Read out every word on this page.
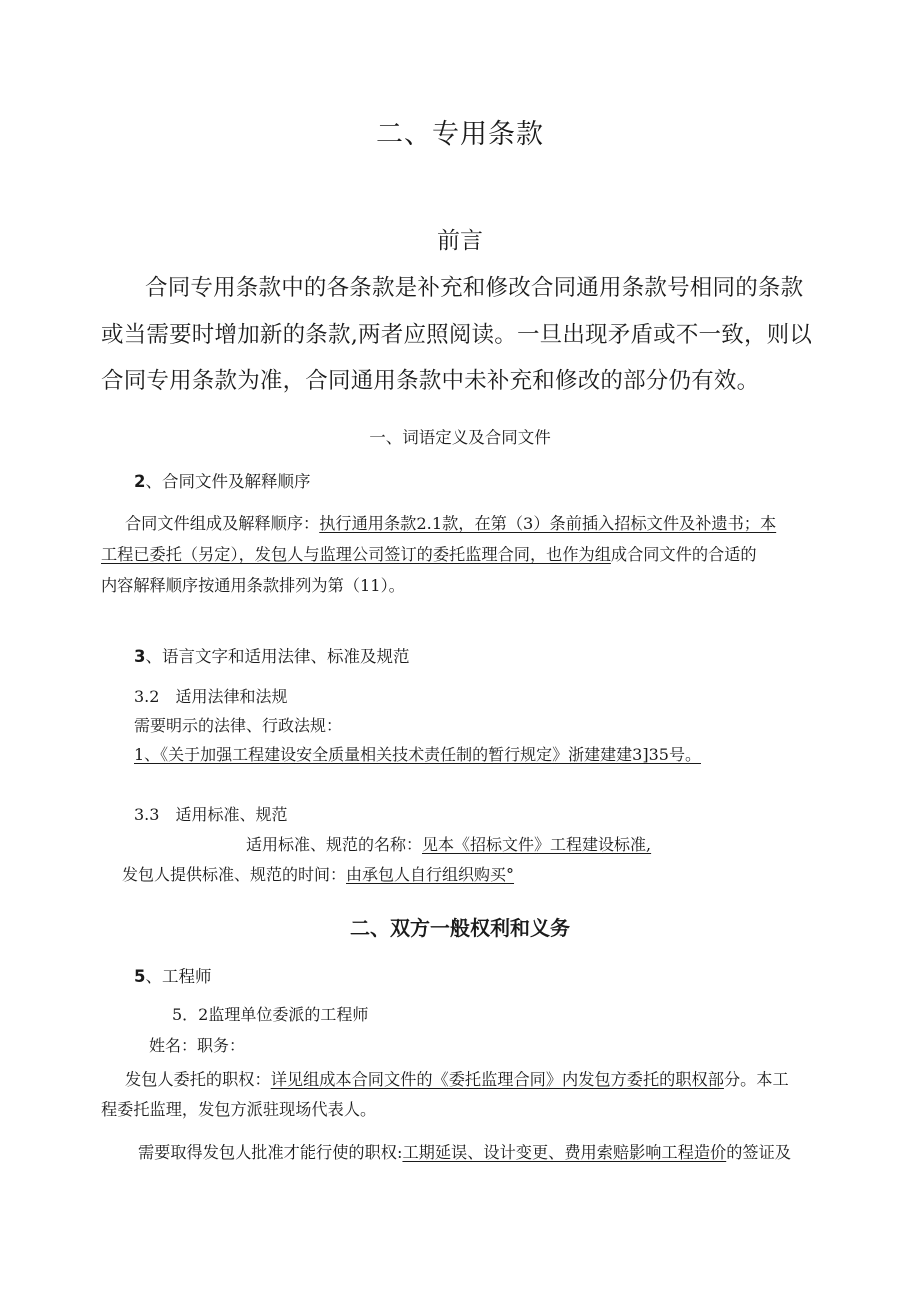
二、专用条款
前言
合同专用条款中的各条款是补充和修改合同通用条款号相同的条款
或当需要时增加新的条款,两者应照阅读。一旦出现矛盾或不一致，则以
合同专用条款为准，合同通用条款中未补充和修改的部分仍有效。
一、词语定义及合同文件
2、合同文件及解释顺序
合同文件组成及解释顺序：执行通用条款2.1款，在第（3）条前插入招标文件及补遗书；本
工程已委托（另定），发包人与监理公司签订的委托监理合同，也作为组成合同文件的合适的
内容解释顺序按通用条款排列为第（11）。
3、语言文字和适用法律、标准及规范
3.2　适用法律和法规
需要明示的法律、行政法规：
1、《关于加强工程建设安全质量相关技术责任制的暂行规定》浙建建建3]35号。
3.3　适用标准、规范
适用标准、规范的名称：见本《招标文件》工程建设标准,
发包人提供标准、规范的时间：由承包人自行组织购买°
二、双方一般权利和义务
5、工程师
5．2监理单位委派的工程师
姓名：职务：
发包人委托的职权：详见组成本合同文件的《委托监理合同》内发包方委托的职权部分。本工
程委托监理，发包方派驻现场代表人。
需要取得发包人批准才能行使的职权:工期延误、设计变更、费用索赔影响工程造价的签证及
